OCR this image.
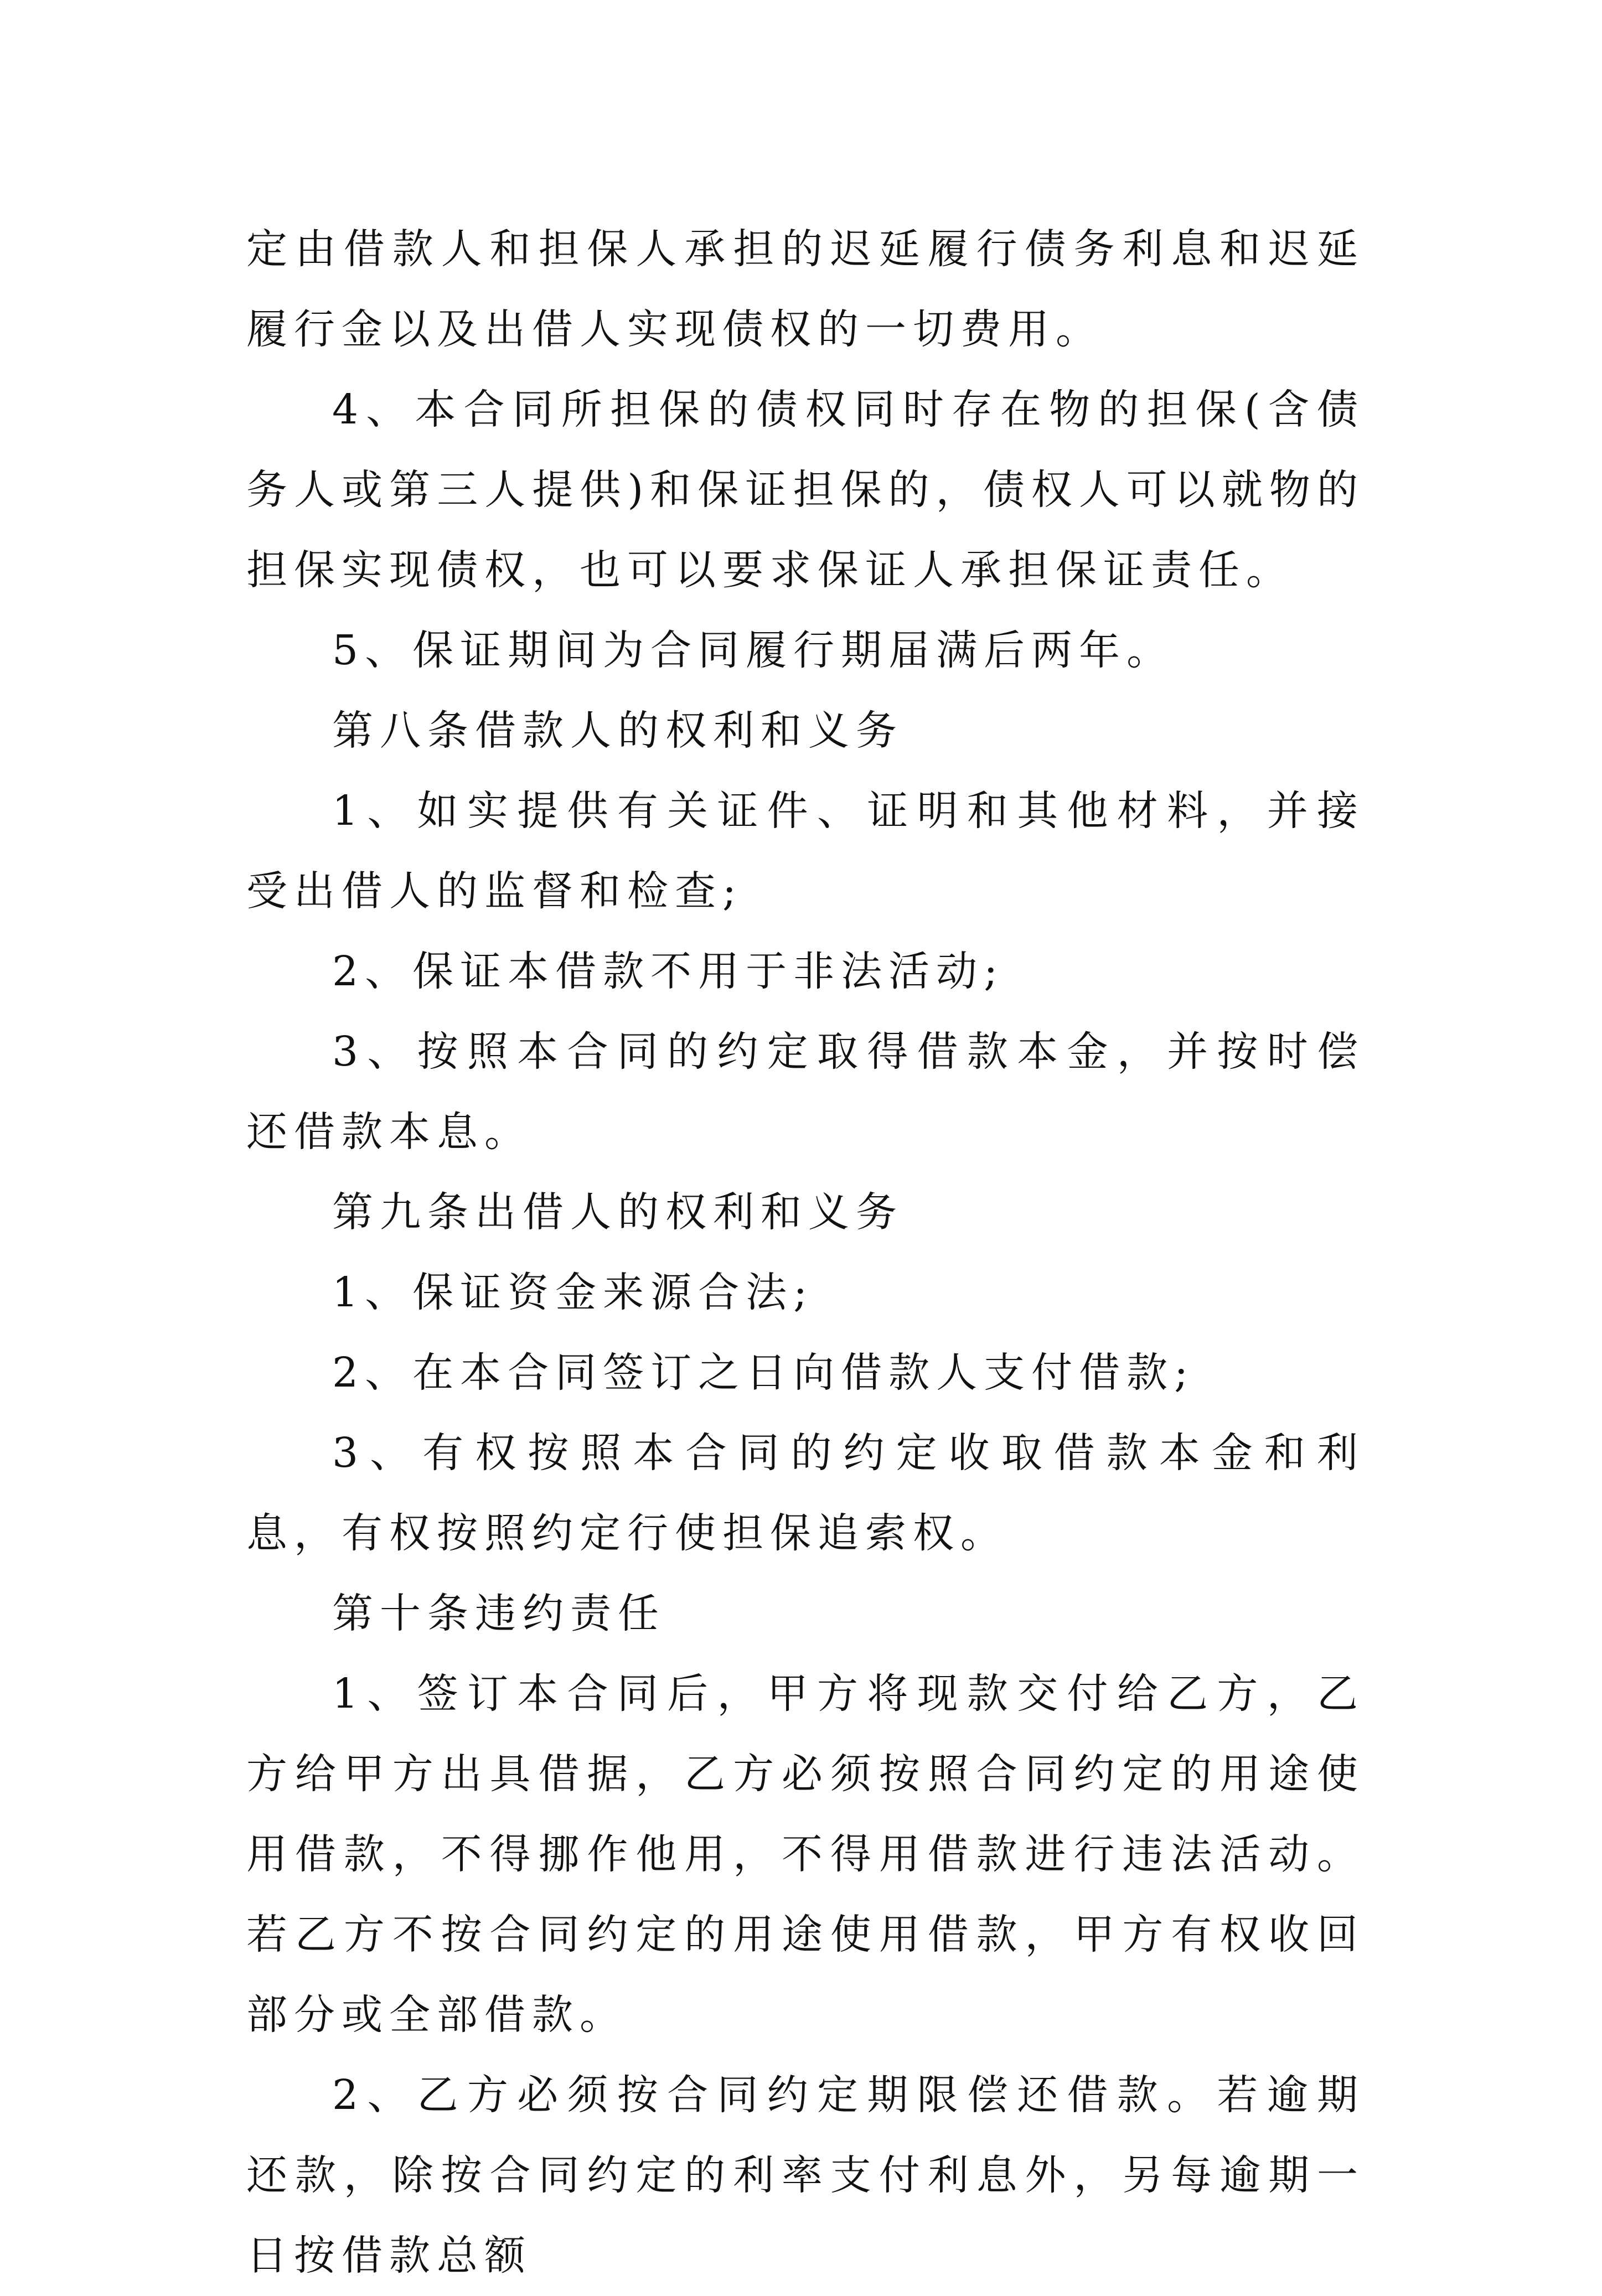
定由借款人和担保人承担的迟延履行债务利息和迟延履行金以及出借人实现债权的一切费用。

4、本合同所担保的债权同时存在物的担保(含债务人或第三人提供)和保证担保的，债权人可以就物的担保实现债权，也可以要求保证人承担保证责任。

5、保证期间为合同履行期届满后两年。

第八条借款人的权利和义务

1、如实提供有关证件、证明和其他材料，并接受出借人的监督和检查;

2、保证本借款不用于非法活动;

3、按照本合同的约定取得借款本金，并按时偿还借款本息。

第九条出借人的权利和义务

1、保证资金来源合法;

2、在本合同签订之日向借款人支付借款;

3、有权按照本合同的约定收取借款本金和利息，有权按照约定行使担保追索权。

第十条违约责任

1、签订本合同后，甲方将现款交付给乙方，乙方给甲方出具借据，乙方必须按照合同约定的用途使用借款，不得挪作他用，不得用借款进行违法活动。若乙方不按合同约定的用途使用借款，甲方有权收回部分或全部借款。

2、乙方必须按合同约定期限偿还借款。若逾期还款，除按合同约定的利率支付利息外，另每逾期一日按借款总额
